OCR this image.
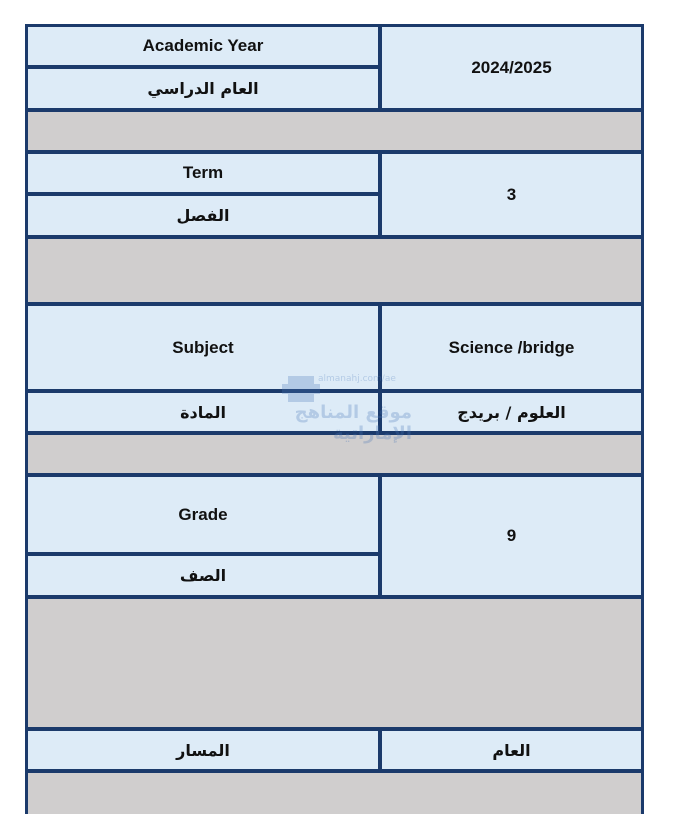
Academic Year
العام الدراسي
2024/2025
Term
الفصل
3
Subject	Science /bridge
المادة	العلوم / بريدج
Grade
الصف
9
المسار	العام
almanahj.com/ae
موقع المناهج الإماراتية
